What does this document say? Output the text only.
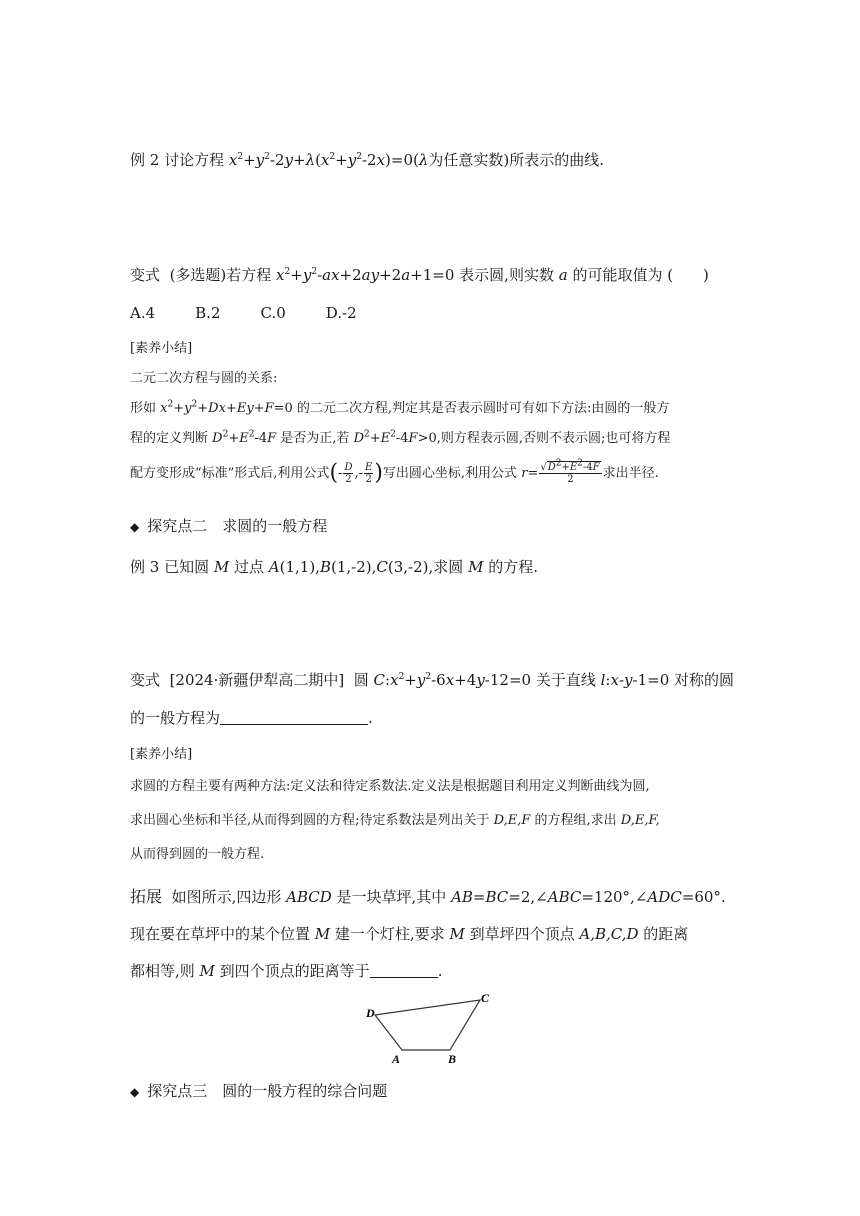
例 2 讨论方程 $x^2+y^2-2y+\lambda(x^2+y^2-2x)=0(\lambda$为任意实数)所表示的曲线.
变式 (多选题)若方程 $x^2+y^2-ax+2ay+2a+1=0$ 表示圆,则实数 a 的可能取值为 (　　)
A.4	B.2	C.0	D.-2
[素养小结]
二元二次方程与圆的关系:
形如 $x^2+y^2+Dx+Ey+F=0$ 的二元二次方程,判定其是否表示圆时可有如下方法:由圆的一般方
程的定义判断 $D^2+E^2-4F$ 是否为正,若 $D^2+E^2-4F>0$,则方程表示圆,否则不表示圆;也可将方程
配方变形成“标准”形式后,利用公式(- $\frac{D}{2}$ ,- $\frac{E}{2}$ )写出圆心坐标,利用公式 $r= \frac{√D^2+E^2-4F}{2}$ 求出半径.
◆ 探究点二　求圆的一般方程
例 3 已知圆 M 过点 A(1,1),B(1,-2),C(3,-2),求圆 M 的方程.
变式 [2024·新疆伊犁高二期中] 圆 $C:x^2+y^2-6x+4y-12=0$ 关于直线 l:x-y-1=0 对称的圆
的一般方程为	.
[素养小结]
求圆的方程主要有两种方法:定义法和待定系数法.定义法是根据题目利用定义判断曲线为圆,
求出圆心坐标和半径,从而得到圆的方程;待定系数法是列出关于 D,E,F 的方程组,求出 D,E,F,
从而得到圆的一般方程.
拓展 如图所示,四边形 ABCD 是一块草坪,其中 AB=BC=2,∠ABC=120°,∠ADC=60°.
现在要在草坪中的某个位置 M 建一个灯柱,要求 M 到草坪四个顶点 A,B,C,D 的距离
都相等,则 M 到四个顶点的距离等于	.
D
C
A	B
◆ 探究点三　圆的一般方程的综合问题
